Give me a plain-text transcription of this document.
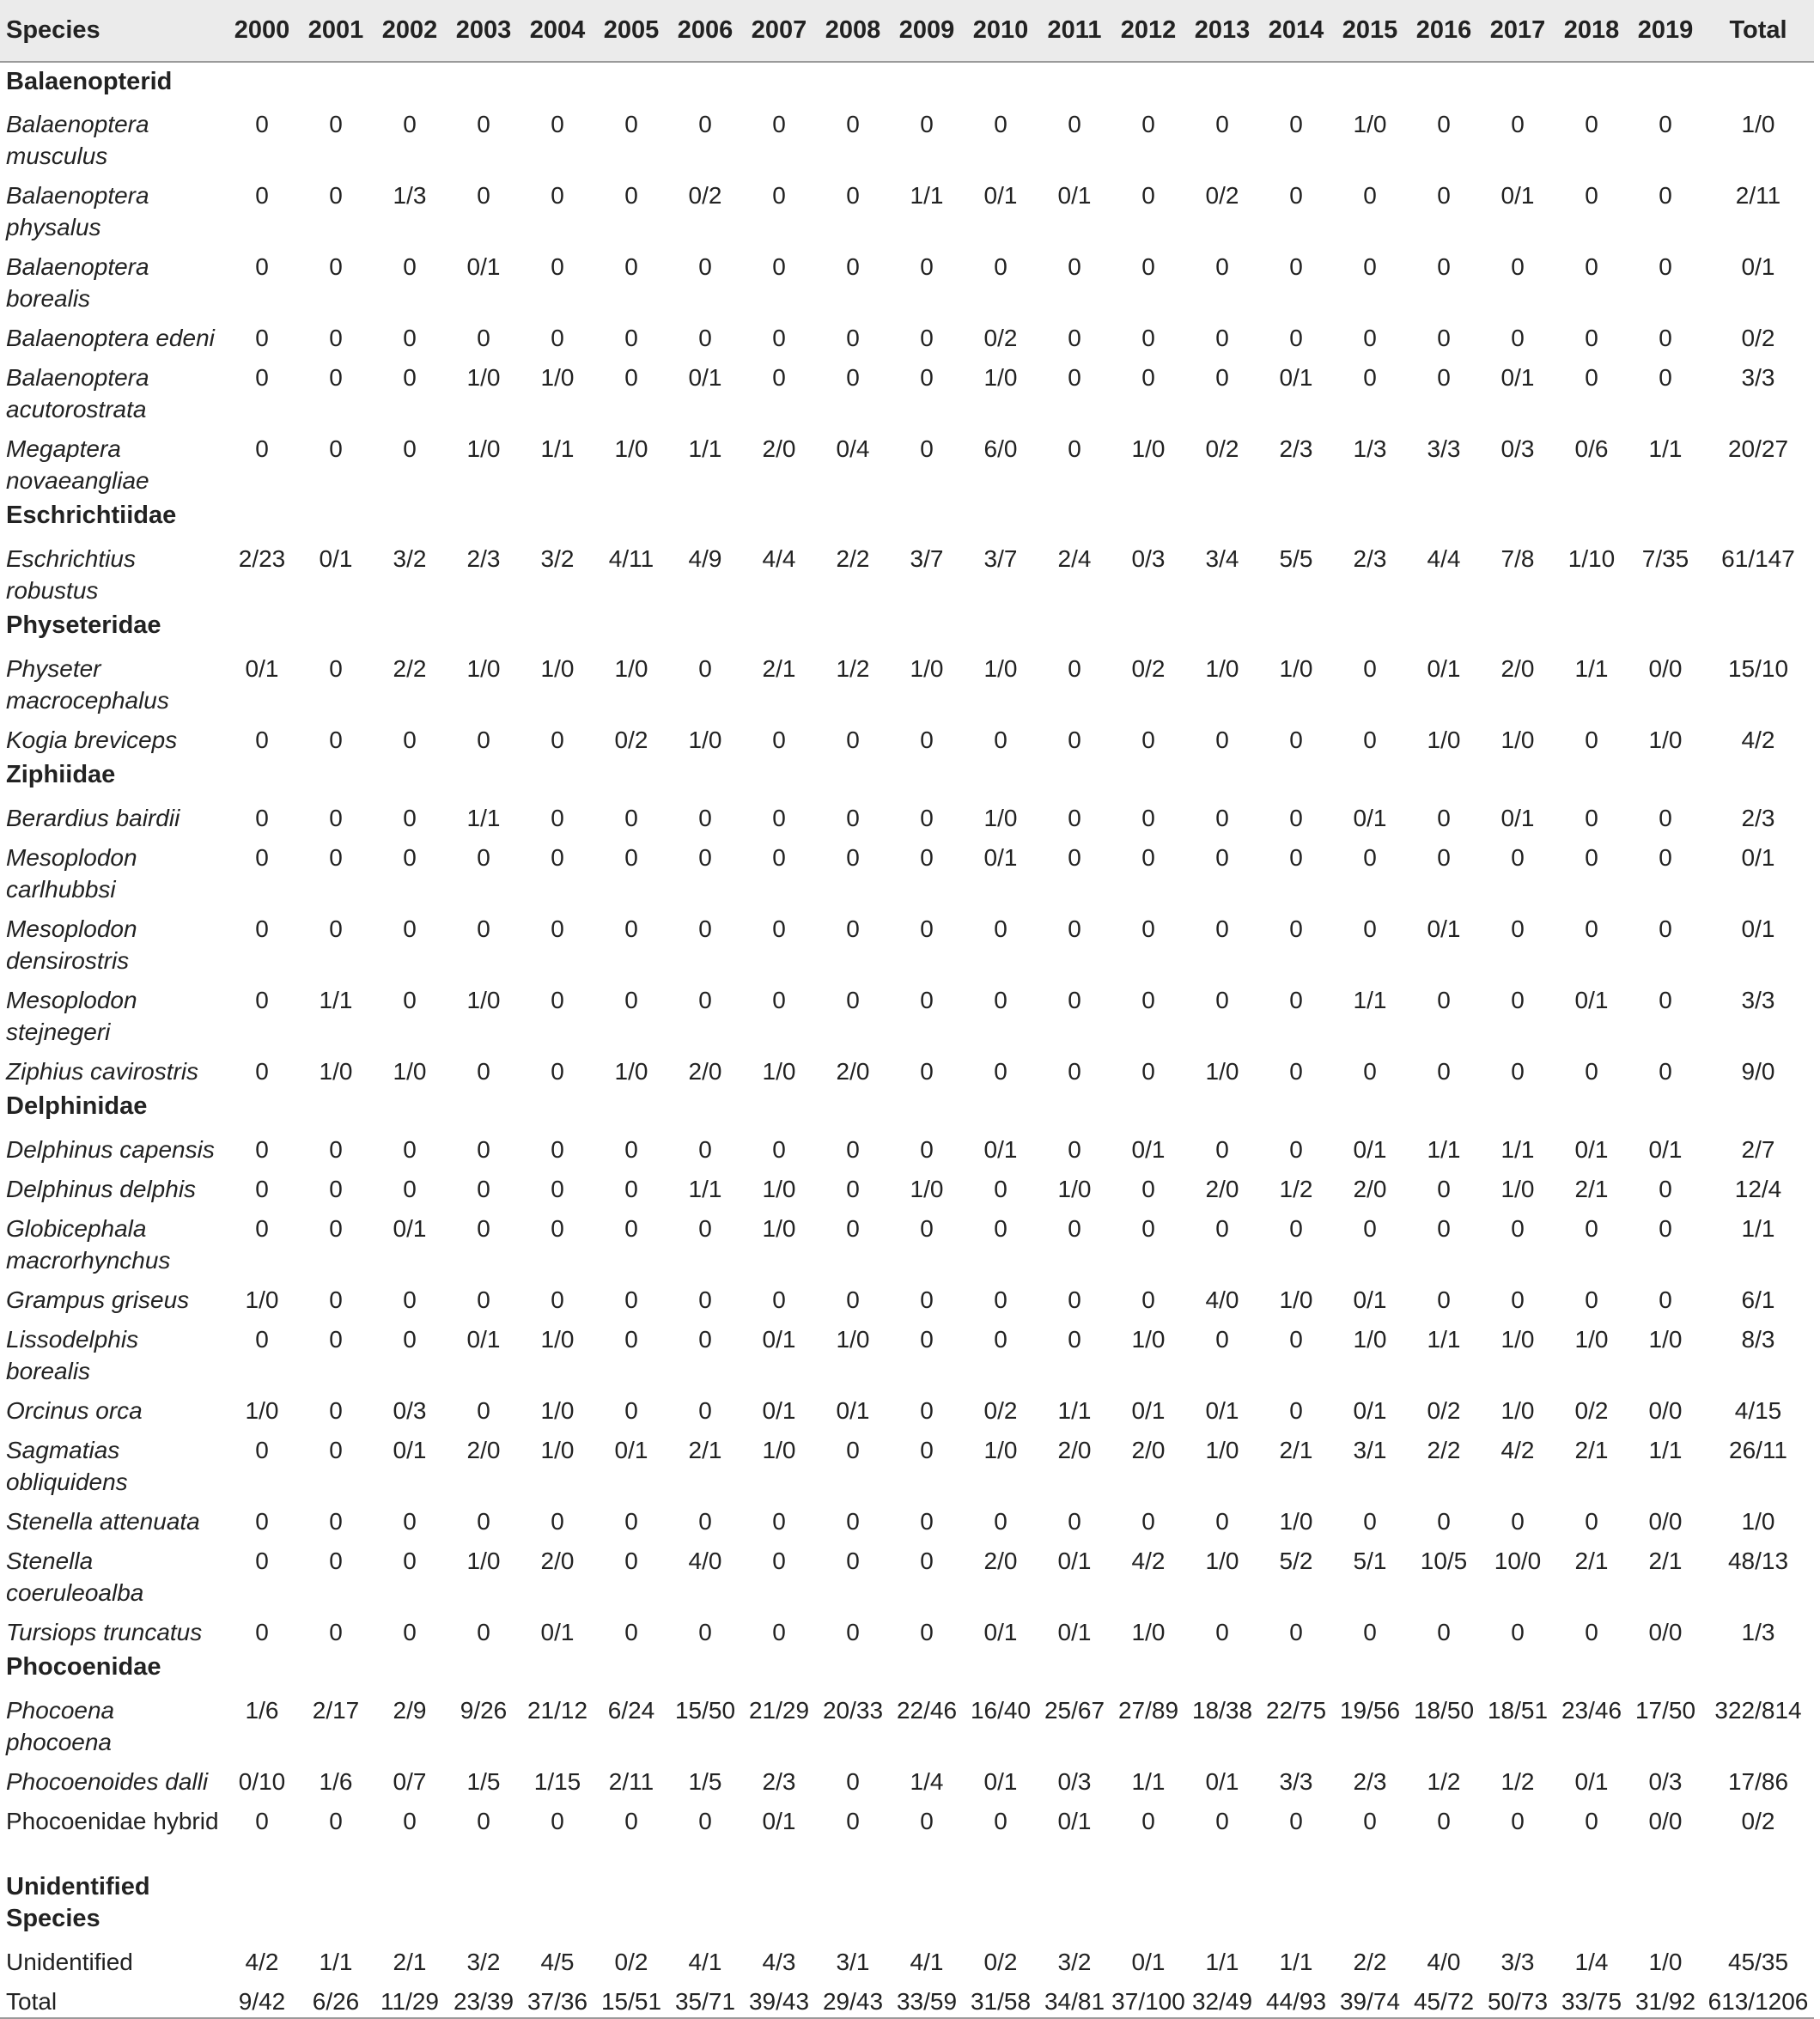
Species	2000	2001	2002	2003	2004	2005	2006	2007	2008	2009	2010	2011	2012	2013	2014	2015	2016	2017	2018	2019	Total
Balaenopterid																					
Balaenoptera musculus	0	0	0	0	0	0	0	0	0	0	0	0	0	0	0	1/0	0	0	0	0	1/0
Balaenoptera physalus	0	0	1/3	0	0	0	0/2	0	0	1/1	0/1	0/1	0	0/2	0	0	0	0/1	0	0	2/11
Balaenoptera borealis	0	0	0	0/1	0	0	0	0	0	0	0	0	0	0	0	0	0	0	0	0	0/1
Balaenoptera edeni	0	0	0	0	0	0	0	0	0	0	0/2	0	0	0	0	0	0	0	0	0	0/2
Balaenoptera acutorostrata	0	0	0	1/0	1/0	0	0/1	0	0	0	1/0	0	0	0	0/1	0	0	0/1	0	0	3/3
Megaptera novaeangliae	0	0	0	1/0	1/1	1/0	1/1	2/0	0/4	0	6/0	0	1/0	0/2	2/3	1/3	3/3	0/3	0/6	1/1	20/27
Eschrichtiidae																					
Eschrichtius robustus	2/23	0/1	3/2	2/3	3/2	4/11	4/9	4/4	2/2	3/7	3/7	2/4	0/3	3/4	5/5	2/3	4/4	7/8	1/10	7/35	61/147
Physeteridae																					
Physeter macrocephalus	0/1	0	2/2	1/0	1/0	1/0	0	2/1	1/2	1/0	1/0	0	0/2	1/0	1/0	0	0/1	2/0	1/1	0/0	15/10
Kogia breviceps	0	0	0	0	0	0/2	1/0	0	0	0	0	0	0	0	0	0	1/0	1/0	0	1/0	4/2
Ziphiidae																					
Berardius bairdii	0	0	0	1/1	0	0	0	0	0	0	1/0	0	0	0	0	0/1	0	0/1	0	0	2/3
Mesoplodon carlhubbsi	0	0	0	0	0	0	0	0	0	0	0/1	0	0	0	0	0	0	0	0	0	0/1
Mesoplodon densirostris	0	0	0	0	0	0	0	0	0	0	0	0	0	0	0	0	0/1	0	0	0	0/1
Mesoplodon stejnegeri	0	1/1	0	1/0	0	0	0	0	0	0	0	0	0	0	0	1/1	0	0	0/1	0	3/3
Ziphius cavirostris	0	1/0	1/0	0	0	1/0	2/0	1/0	2/0	0	0	0	0	1/0	0	0	0	0	0	0	9/0
Delphinidae																					
Delphinus capensis	0	0	0	0	0	0	0	0	0	0	0/1	0	0/1	0	0	0/1	1/1	1/1	0/1	0/1	2/7
Delphinus delphis	0	0	0	0	0	0	1/1	1/0	0	1/0	0	1/0	0	2/0	1/2	2/0	0	1/0	2/1	0	12/4
Globicephala macrorhynchus	0	0	0/1	0	0	0	0	1/0	0	0	0	0	0	0	0	0	0	0	0	0	1/1
Grampus griseus	1/0	0	0	0	0	0	0	0	0	0	0	0	0	4/0	1/0	0/1	0	0	0	0	6/1
Lissodelphis borealis	0	0	0	0/1	1/0	0	0	0/1	1/0	0	0	0	1/0	0	0	1/0	1/1	1/0	1/0	1/0	8/3
Orcinus orca	1/0	0	0/3	0	1/0	0	0	0/1	0/1	0	0/2	1/1	0/1	0/1	0	0/1	0/2	1/0	0/2	0/0	4/15
Sagmatias obliquidens	0	0	0/1	2/0	1/0	0/1	2/1	1/0	0	0	1/0	2/0	2/0	1/0	2/1	3/1	2/2	4/2	2/1	1/1	26/11
Stenella attenuata	0	0	0	0	0	0	0	0	0	0	0	0	0	0	1/0	0	0	0	0	0/0	1/0
Stenella coeruleoalba	0	0	0	1/0	2/0	0	4/0	0	0	0	2/0	0/1	4/2	1/0	5/2	5/1	10/5	10/0	2/1	2/1	48/13
Tursiops truncatus	0	0	0	0	0/1	0	0	0	0	0	0/1	0/1	1/0	0	0	0	0	0	0	0/0	1/3
Phocoenidae																					
Phocoena phocoena	1/6	2/17	2/9	9/26	21/12	6/24	15/50	21/29	20/33	22/46	16/40	25/67	27/89	18/38	22/75	19/56	18/50	18/51	23/46	17/50	322/814
Phocoenoides dalli	0/10	1/6	0/7	1/5	1/15	2/11	1/5	2/3	0	1/4	0/1	0/3	1/1	0/1	3/3	2/3	1/2	1/2	0/1	0/3	17/86
Phocoenidae hybrid	0	0	0	0	0	0	0	0/1	0	0	0	0/1	0	0	0	0	0	0	0	0/0	0/2
Unidentified Species																					
Unidentified	4/2	1/1	2/1	3/2	4/5	0/2	4/1	4/3	3/1	4/1	0/2	3/2	0/1	1/1	1/1	2/2	4/0	3/3	1/4	1/0	45/35
Total	9/42	6/26	11/29	23/39	37/36	15/51	35/71	39/43	29/43	33/59	31/58	34/81	37/100	32/49	44/93	39/74	45/72	50/73	33/75	31/92	613/1206
